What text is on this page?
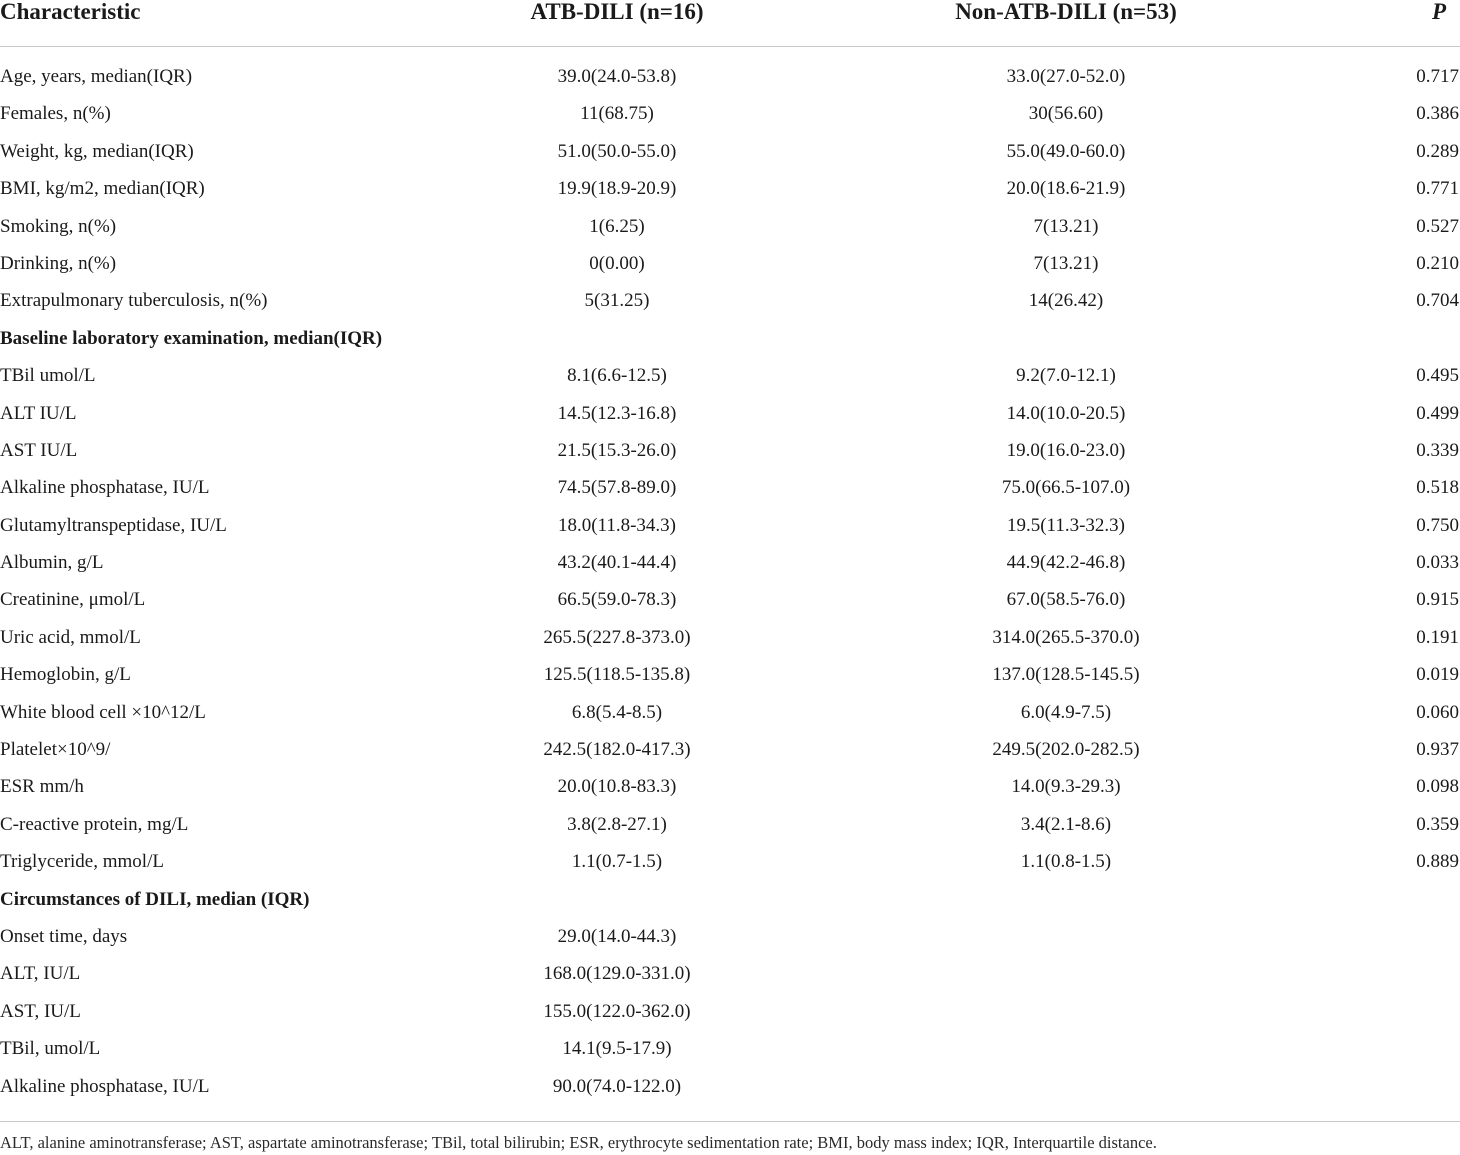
Characteristic	ATB-DILI (n=16)	Non-ATB-DILI (n=53)	P
Age, years, median(IQR)	39.0(24.0-53.8)	33.0(27.0-52.0)	0.717
Females, n(%)	11(68.75)	30(56.60)	0.386
Weight, kg, median(IQR)	51.0(50.0-55.0)	55.0(49.0-60.0)	0.289
BMI, kg/m2, median(IQR)	19.9(18.9-20.9)	20.0(18.6-21.9)	0.771
Smoking, n(%)	1(6.25)	7(13.21)	0.527
Drinking, n(%)	0(0.00)	7(13.21)	0.210
Extrapulmonary tuberculosis, n(%)	5(31.25)	14(26.42)	0.704
Baseline laboratory examination, median(IQR)
TBil umol/L	8.1(6.6-12.5)	9.2(7.0-12.1)	0.495
ALT IU/L	14.5(12.3-16.8)	14.0(10.0-20.5)	0.499
AST IU/L	21.5(15.3-26.0)	19.0(16.0-23.0)	0.339
Alkaline phosphatase, IU/L	74.5(57.8-89.0)	75.0(66.5-107.0)	0.518
Glutamyltranspeptidase, IU/L	18.0(11.8-34.3)	19.5(11.3-32.3)	0.750
Albumin, g/L	43.2(40.1-44.4)	44.9(42.2-46.8)	0.033
Creatinine, μmol/L	66.5(59.0-78.3)	67.0(58.5-76.0)	0.915
Uric acid, mmol/L	265.5(227.8-373.0)	314.0(265.5-370.0)	0.191
Hemoglobin, g/L	125.5(118.5-135.8)	137.0(128.5-145.5)	0.019
White blood cell ×10^12/L	6.8(5.4-8.5)	6.0(4.9-7.5)	0.060
Platelet×10^9/	242.5(182.0-417.3)	249.5(202.0-282.5)	0.937
ESR mm/h	20.0(10.8-83.3)	14.0(9.3-29.3)	0.098
C-reactive protein, mg/L	3.8(2.8-27.1)	3.4(2.1-8.6)	0.359
Triglyceride, mmol/L	1.1(0.7-1.5)	1.1(0.8-1.5)	0.889
Circumstances of DILI, median (IQR)
Onset time, days	29.0(14.0-44.3)
ALT, IU/L	168.0(129.0-331.0)
AST, IU/L	155.0(122.0-362.0)
TBil, umol/L	14.1(9.5-17.9)
Alkaline phosphatase, IU/L	90.0(74.0-122.0)
ALT, alanine aminotransferase; AST, aspartate aminotransferase; TBil, total bilirubin; ESR, erythrocyte sedimentation rate; BMI, body mass index; IQR, Interquartile distance.
